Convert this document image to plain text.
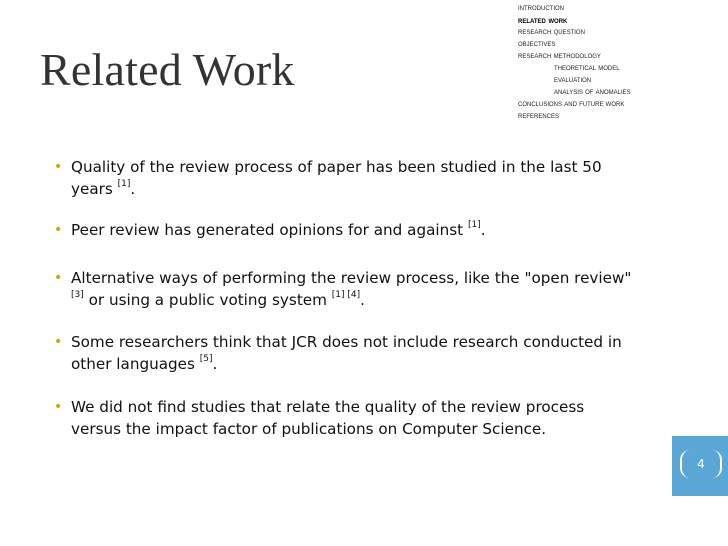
Related Work
introduction
related work
research question
objectives
research methodology
theoretical model
evaluation
analysis of anomalies
conclusions and future work
references
• Quality of the review process of paper has been studied in the last 50 years [1].
• Peer review has generated opinions for and against [1].
• Alternative ways of performing the review process, like the "open review" [3] or using a public voting system [1] [4].
• Some researchers think that JCR does not include research conducted in other languages [5].
• We did not find studies that relate the quality of the review process versus the impact factor of publications on Computer Science.
4
